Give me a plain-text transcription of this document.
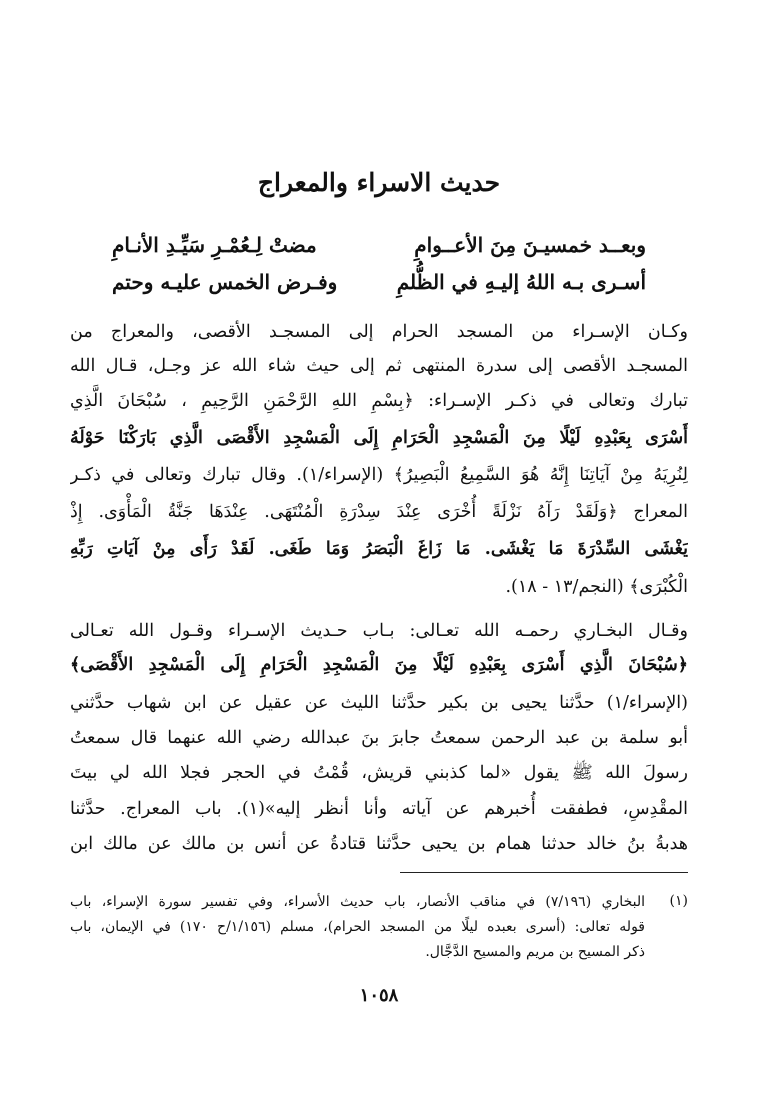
حديث الاسراء والمعراج
وبعــد خمسيـنَ مِنَ الأعــوامِ
مضتْ لِـعُمْـرِ سَيِّـدِ الأنـامِ
أسـرى بـه اللهُ إليـهِ في الظُّلمِ
وفـرض الخمس عليـه وحتم
وكـان الإسـراء من المسجد الحرام إلى المسجـد الأقصى، والمعراج من
المسجـد الأقصى إلى سدرة المنتهى ثم إلى حيث شاء الله عز وجـل، قـال الله
تبارك وتعالى في ذكـر الإسـراء: ﴿بِسْمِ اللهِ الرَّحْمَنِ الرَّحِيمِ ، سُبْحَانَ الَّذِي
أَسْرَى بِعَبْدِهِ لَيْلًا مِنَ الْمَسْجِدِ الْحَرَامِ إِلَى الْمَسْجِدِ الأَقْصَى الَّذِي بَارَكْنَا حَوْلَهُ
لِنُرِيَهُ مِنْ آيَاتِنَا إِنَّهُ هُوَ السَّمِيعُ الْبَصِيرُ﴾ (الإسراء/١). وقال تبارك وتعالى في ذكـر
المعراج ﴿وَلَقَدْ رَآهُ نَزْلَةً أُخْرَى عِنْدَ سِدْرَةِ الْمُنْتَهَى. عِنْدَهَا جَنَّةُ الْمَأْوَى. إِذْ
يَغْشَى السِّدْرَةَ مَا يَغْشَى. مَا زَاغَ الْبَصَرُ وَمَا طَغَى. لَقَدْ رَأَى مِنْ آيَاتِ رَبِّهِ
الْكُبْرَى﴾ (النجم/١٣ - ١٨).
وقـال البخـاري رحمـه الله تعـالى: بـاب حـديث الإسـراء وقـول الله تعـالى
﴿سُبْحَانَ الَّذِي أَسْرَى بِعَبْدِهِ لَيْلًا مِنَ الْمَسْجِدِ الْحَرَامِ إِلَى الْمَسْجِدِ الأَقْصَى﴾
(الإسراء/١) حدَّثنا يحيى بن بكير حدَّثنا الليث عن عقيل عن ابن شهاب حدَّثني
أبو سلمة بن عبد الرحمن سمعتُ جابرَ بنَ عبدالله رضي الله عنهما قال سمعتُ
رسولَ الله ﷺ يقول «لما كذبني قريش، قُمْتُ في الحجر فجلا الله لي بيتَ
المقْدِسِ، فطفقت أُخبرهم عن آياته وأنا أنظر إليه»(١). باب المعراج. حدَّثنا
هدبةُ بنُ خالد حدثنا همام بن يحيى حدَّثنا قتادةُ عن أنس بن مالك عن مالك ابن
(١)
البخاري (٧/١٩٦) في مناقب الأنصار، باب حديث الأسراء، وفي تفسير سورة الإسراء، باب
قوله تعالى: (أسرى بعبده ليلًا من المسجد الحرام)، مسلم (١/١٥٦/ح ١٧٠) في الإيمان، باب
ذكر المسيح بن مريم والمسيح الدَّجَّال.
١٠٥٨
